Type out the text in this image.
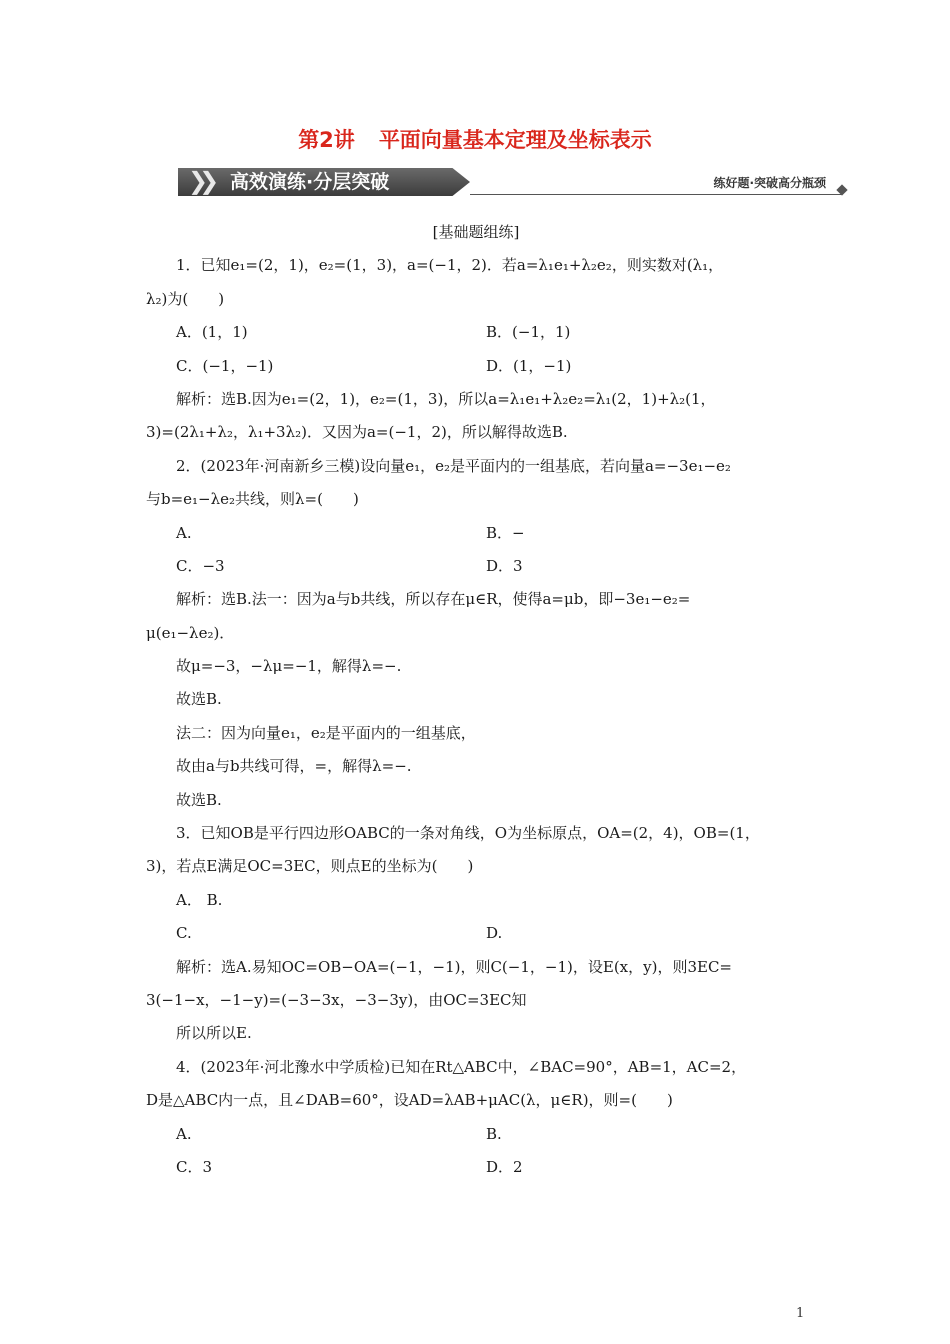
第2讲 平面向量基本定理及坐标表示
❯❯ 高效演练·分层突破	练好题·突破高分瓶颈
[基础题组练]
1．已知e₁=(2，1)，e₂=(1，3)，a=(−1，2)．若a=λ₁e₁+λ₂e₂，则实数对(λ₁，
λ₂)为(　　)
A．(1，1)	B．(−1，1)
C．(−1，−1)	D．(1，−1)
解析：选B.因为e₁=(2，1)，e₂=(1，3)，所以a=λ₁e₁+λ₂e₂=λ₁(2，1)+λ₂(1，
3)=(2λ₁+λ₂，λ₁+3λ₂)．又因为a=(−1，2)，所以解得故选B.
2．(2023年·河南新乡三模)设向量e₁，e₂是平面内的一组基底，若向量a=−3e₁−e₂
与b=e₁−λe₂共线，则λ=(　　)
A.	B．−
C．−3	D．3
解析：选B.法一：因为a与b共线，所以存在μ∈R，使得a=μb，即−3e₁−e₂=
μ(e₁−λe₂)．
故μ=−3，−λμ=−1，解得λ=−.
故选B.
法二：因为向量e₁，e₂是平面内的一组基底，
故由a与b共线可得，=，解得λ=−.
故选B.
3．已知OB是平行四边形OABC的一条对角线，O为坐标原点，OA=(2，4)，OB=(1，
3)，若点E满足OC=3EC，则点E的坐标为(　　)
A． B.
C.	D.
解析：选A.易知OC=OB−OA=(−1，−1)，则C(−1，−1)，设E(x，y)，则3EC=
3(−1−x，−1−y)=(−3−3x，−3−3y)，由OC=3EC知
所以所以E.
4．(2023年·河北豫水中学质检)已知在Rt△ABC中，∠BAC=90°，AB=1，AC=2，
D是△ABC内一点，且∠DAB=60°，设AD=λAB+μAC(λ，μ∈R)，则=(　　)
A.	B.
C．3	D．2
1
